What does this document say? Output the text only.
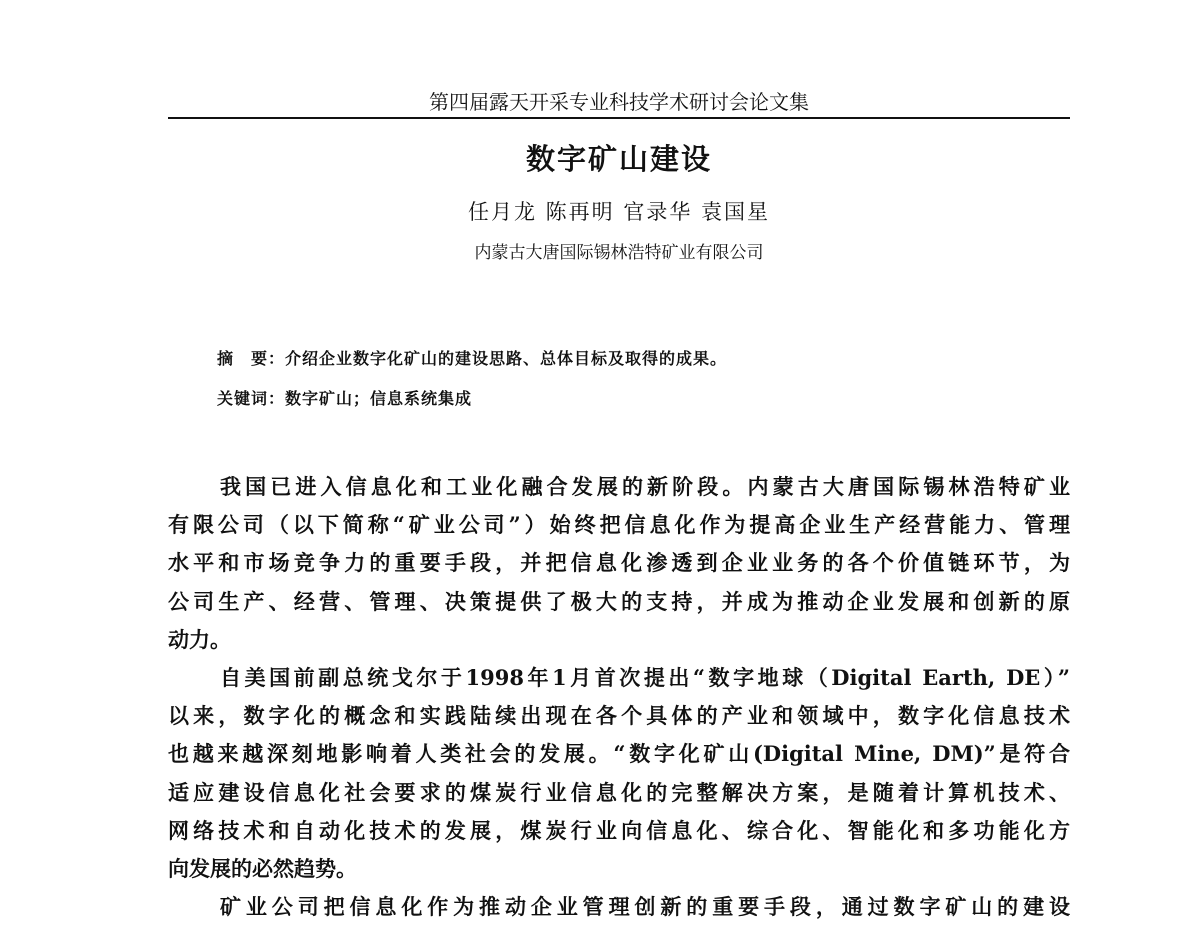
第四届露天开采专业科技学术研讨会论文集
数字矿山建设
任月龙 陈再明 官录华 袁国星
内蒙古大唐国际锡林浩特矿业有限公司
摘　要：介绍企业数字化矿山的建设思路、总体目标及取得的成果。
关键词：数字矿山；信息系统集成
我国已进入信息化和工业化融合发展的新阶段。内蒙古大唐国际锡林浩特矿业
有限公司（以下简称“矿业公司”）始终把信息化作为提高企业生产经营能力、管理
水平和市场竞争力的重要手段，并把信息化渗透到企业业务的各个价值链环节，为
公司生产、经营、管理、决策提供了极大的支持，并成为推动企业发展和创新的原
动力。
自美国前副总统戈尔于1998年1月首次提出“数字地球（Digital Earth, DE）”
以来，数字化的概念和实践陆续出现在各个具体的产业和领域中，数字化信息技术
也越来越深刻地影响着人类社会的发展。“数字化矿山(Digital Mine, DM)”是符合
适应建设信息化社会要求的煤炭行业信息化的完整解决方案，是随着计算机技术、
网络技术和自动化技术的发展，煤炭行业向信息化、综合化、智能化和多功能化方
向发展的必然趋势。
矿业公司把信息化作为推动企业管理创新的重要手段，通过数字矿山的建设
